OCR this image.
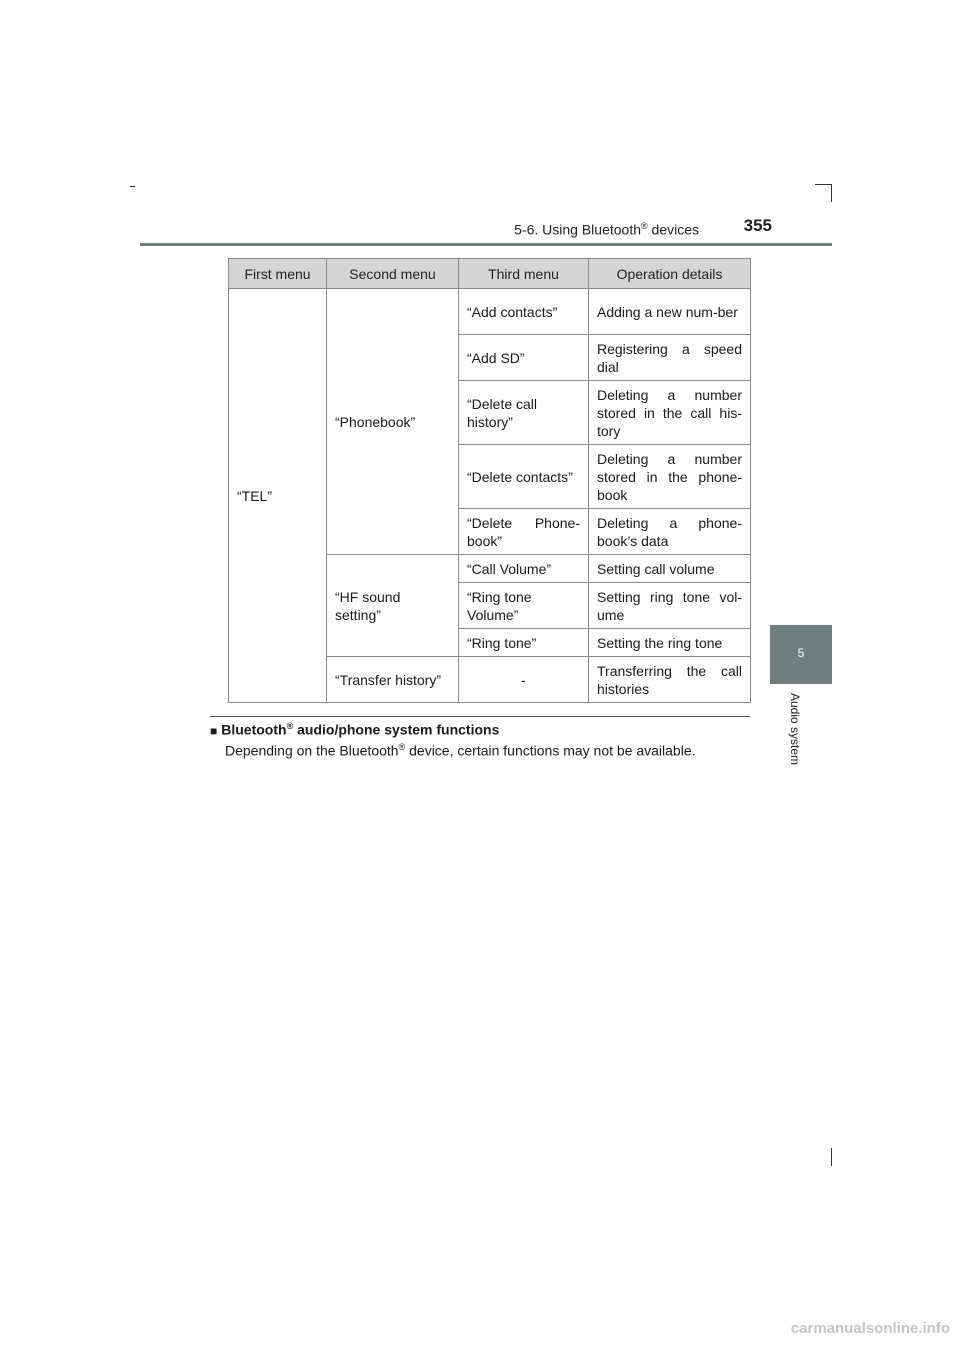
5-6. Using Bluetooth® devices	355
5
Audio system
First menu	Second menu	Third menu	Operation details
“TEL”	“Phonebook”	“Add contacts”	Adding a new num-ber
		“Add SD”	Registering a speed dial
		“Delete call history”	Deleting a number stored in the call his-tory
		“Delete contacts”	Deleting a number stored in the phone-book
		“Delete Phone-book”	Deleting a phone-book’s data
	“HF sound setting”	“Call Volume”	Setting call volume
		“Ring tone Volume”	Setting ring tone vol-ume
		“Ring tone”	Setting the ring tone
	“Transfer history”	-	Transferring the call histories
■ Bluetooth® audio/phone system functions
Depending on the Bluetooth® device, certain functions may not be available.
carmanualsonline.info
